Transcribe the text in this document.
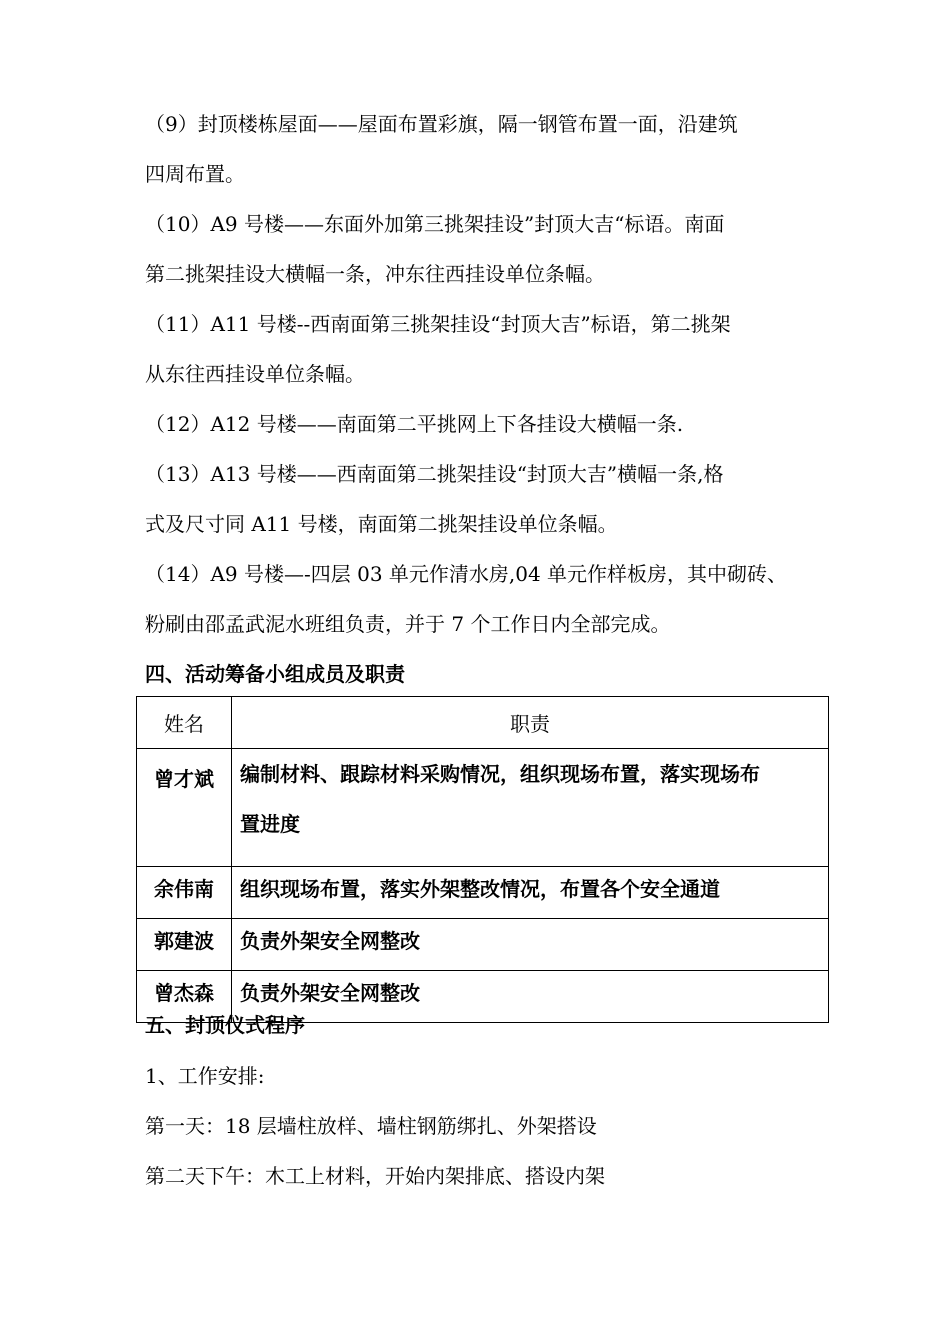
（9）封顶楼栋屋面——屋面布置彩旗，隔一钢管布置一面，沿建筑
四周布置。
（10）A9 号楼——东面外加第三挑架挂设”封顶大吉“标语。南面
第二挑架挂设大横幅一条，冲东往西挂设单位条幅。
（11）A11 号楼--西南面第三挑架挂设“封顶大吉”标语，第二挑架
从东往西挂设单位条幅。
（12）A12 号楼——南面第二平挑网上下各挂设大横幅一条.
（13）A13 号楼——西南面第二挑架挂设“封顶大吉”横幅一条,格
式及尺寸同 A11 号楼，南面第二挑架挂设单位条幅。
（14）A9 号楼—-四层 03 单元作清水房,04 单元作样板房，其中砌砖、
粉刷由邵孟武泥水班组负责，并于 7 个工作日内全部完成。
四、活动筹备小组成员及职责
姓名	职责
曾才斌	编制材料、跟踪材料采购情况，组织现场布置，落实现场布
置进度

余伟南	组织现场布置，落实外架整改情况，布置各个安全通道
郭建波	负责外架安全网整改
曾杰森	负责外架安全网整改
五、封顶仪式程序
1、工作安排:
第一天：18 层墙柱放样、墙柱钢筋绑扎、外架搭设
第二天下午：木工上材料，开始内架排底、搭设内架
